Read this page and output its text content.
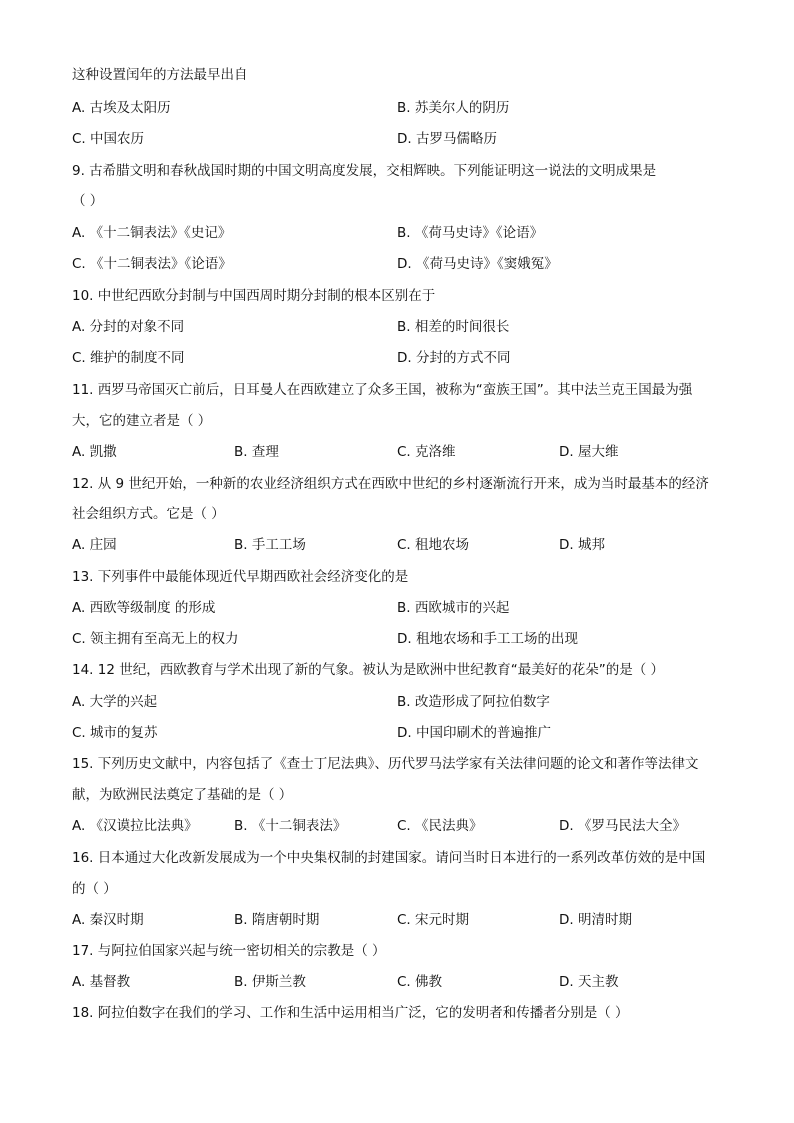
这种设置闰年的方法最早出自
A. 古埃及太阳历	B. 苏美尔人的阴历
C. 中国农历	D. 古罗马儒略历
9. 古希腊文明和春秋战国时期的中国文明高度发展，交相辉映。下列能证明这一说法的文明成果是
（ ）
A. 《十二铜表法》《史记》	B. 《荷马史诗》《论语》
C. 《十二铜表法》《论语》	D. 《荷马史诗》《窦娥冤》
10. 中世纪西欧分封制与中国西周时期分封制的根本区别在于
A. 分封的对象不同	B. 相差的时间很长
C. 维护的制度不同	D. 分封的方式不同
11. 西罗马帝国灭亡前后，日耳曼人在西欧建立了众多王国，被称为“蛮族王国”。其中法兰克王国最为强
大，它的建立者是（ ）
A. 凯撒	B. 查理	C. 克洛维	D. 屋大维
12. 从 9 世纪开始，一种新的农业经济组织方式在西欧中世纪的乡村逐渐流行开来，成为当时最基本的经济
社会组织方式。它是（ ）
A. 庄园	B. 手工工场	C. 租地农场	D. 城邦
13. 下列事件中最能体现近代早期西欧社会经济变化的是
A. 西欧等级制度 的形成	B. 西欧城市的兴起
C. 领主拥有至高无上的权力	D. 租地农场和手工工场的出现
14. 12 世纪，西欧教育与学术出现了新的气象。被认为是欧洲中世纪教育“最美好的花朵”的是（ ）
A. 大学的兴起	B. 改造形成了阿拉伯数字
C. 城市的复苏	D. 中国印刷术的普遍推广
15. 下列历史文献中，内容包括了《查士丁尼法典》、历代罗马法学家有关法律问题的论文和著作等法律文
献，为欧洲民法奠定了基础的是（ ）
A. 《汉谟拉比法典》	B. 《十二铜表法》	C. 《民法典》	D. 《罗马民法大全》
16. 日本通过大化改新发展成为一个中央集权制的封建国家。请问当时日本进行的一系列改革仿效的是中国
的（ ）
A. 秦汉时期	B. 隋唐朝时期	C. 宋元时期	D. 明清时期
17. 与阿拉伯国家兴起与统一密切相关的宗教是（ ）
A. 基督教	B. 伊斯兰教	C. 佛教	D. 天主教
18. 阿拉伯数字在我们的学习、工作和生活中运用相当广泛，它的发明者和传播者分别是（ ）
